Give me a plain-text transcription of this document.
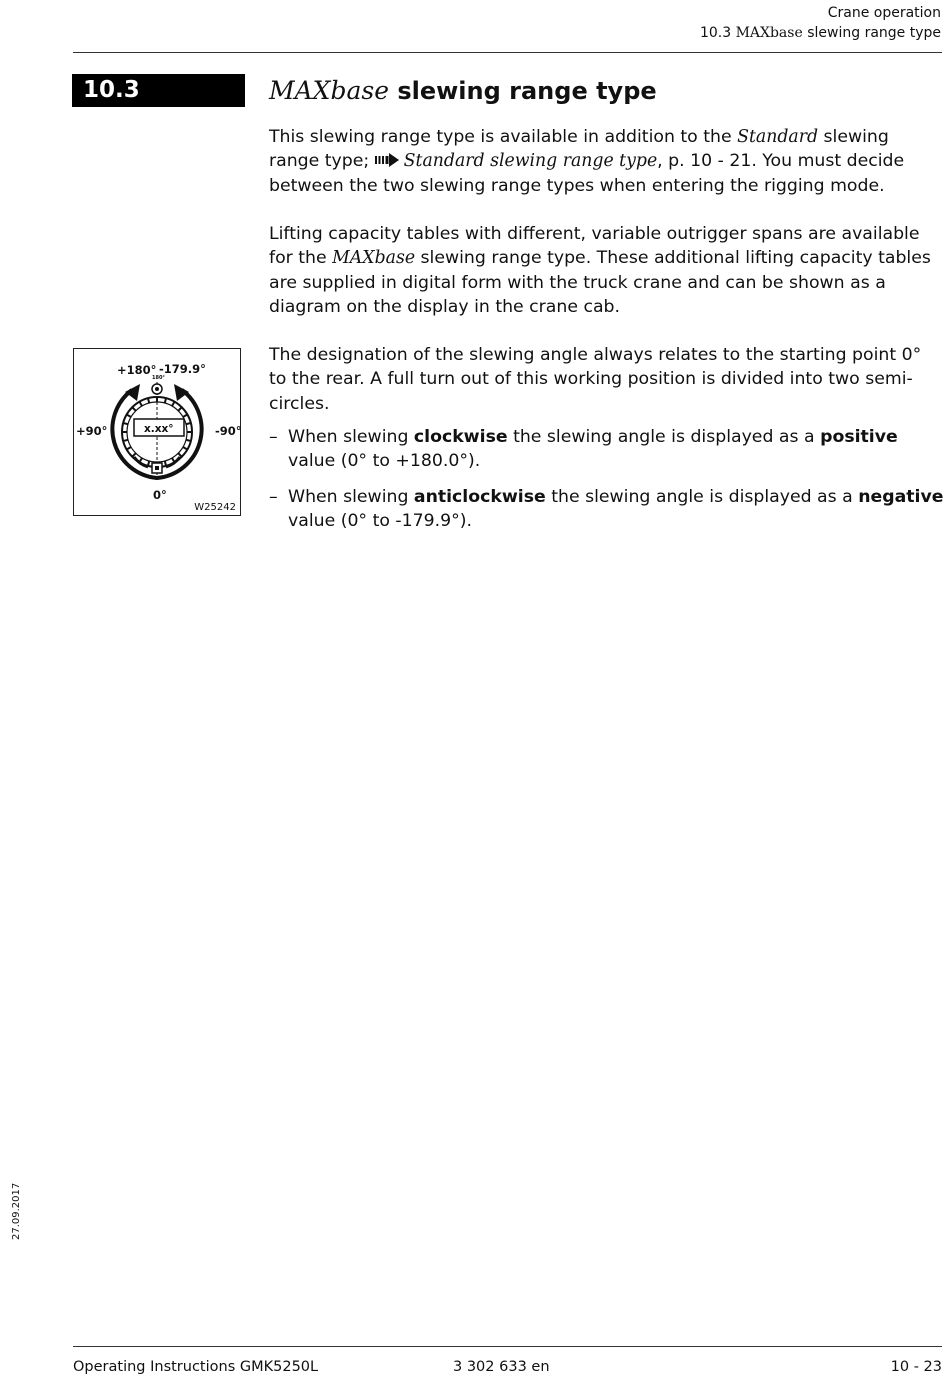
Crane operation
10.3 MAXbase slewing range type
10.3	MAXbase slewing range type

This slewing range type is available in addition to the Standard slewing range type; Standard slewing range type, p. 10 - 21. You must decide between the two slewing range types when entering the rigging mode.

Lifting capacity tables with different, variable outrigger spans are available for the MAXbase slewing range type. These additional lifting capacity tables are supplied in digital form with the truck crane and can be shown as a diagram on the display in the crane cab.

The designation of the slewing angle always relates to the starting point 0° to the rear. A full turn out of this working position is divided into two semi-circles.

– When slewing clockwise the slewing angle is displayed as a positive value (0° to +180.0°).

– When slewing anticlockwise the slewing angle is displayed as a negative value (0° to -179.9°).

+180° -179.9°
180°
+90°	-90°
x.xx°
0°
0°
W25242
27.09.2017
Operating Instructions GMK5250L	3 302 633 en	10 - 23
